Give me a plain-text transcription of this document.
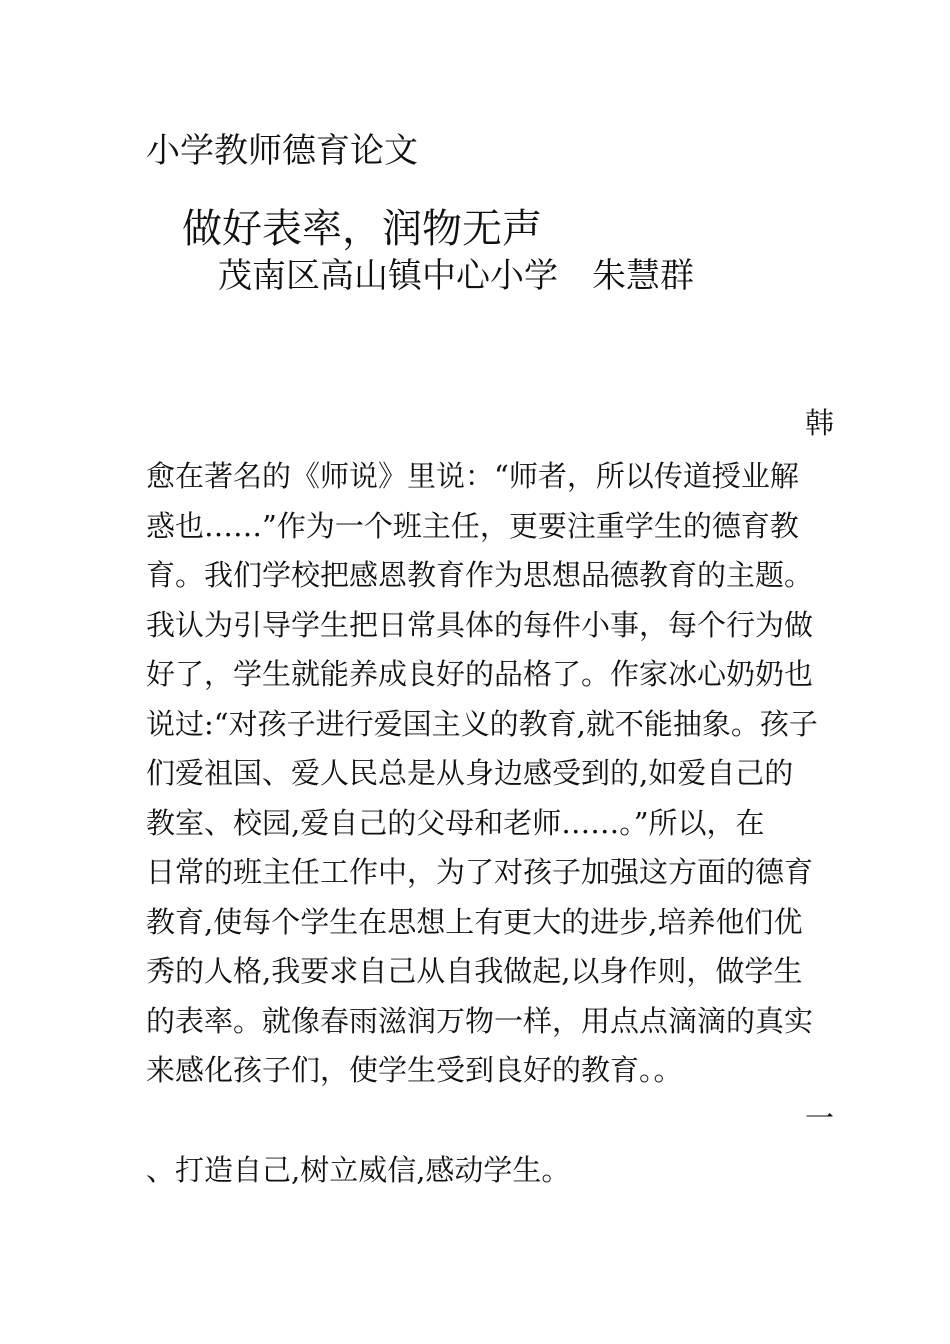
小学教师德育论文
做好表率，润物无声
茂南区高山镇中心小学 朱慧群
韩
愈在著名的《师说》里说：“师者，所以传道授业解
惑也……”作为一个班主任，更要注重学生的德育教
育。我们学校把感恩教育作为思想品德教育的主题。
我认为引导学生把日常具体的每件小事，每个行为做
好了，学生就能养成良好的品格了。作家冰心奶奶也
说过:“对孩子进行爱国主义的教育,就不能抽象。孩子
们爱祖国、爱人民总是从身边感受到的,如爱自己的
教室、校园,爱自己的父母和老师……。”所以，在
日常的班主任工作中，为了对孩子加强这方面的德育
教育,使每个学生在思想上有更大的进步,培养他们优
秀的人格,我要求自己从自我做起,以身作则，做学生
的表率。就像春雨滋润万物一样，用点点滴滴的真实
来感化孩子们，使学生受到良好的教育。。
一
、打造自己,树立威信,感动学生。
